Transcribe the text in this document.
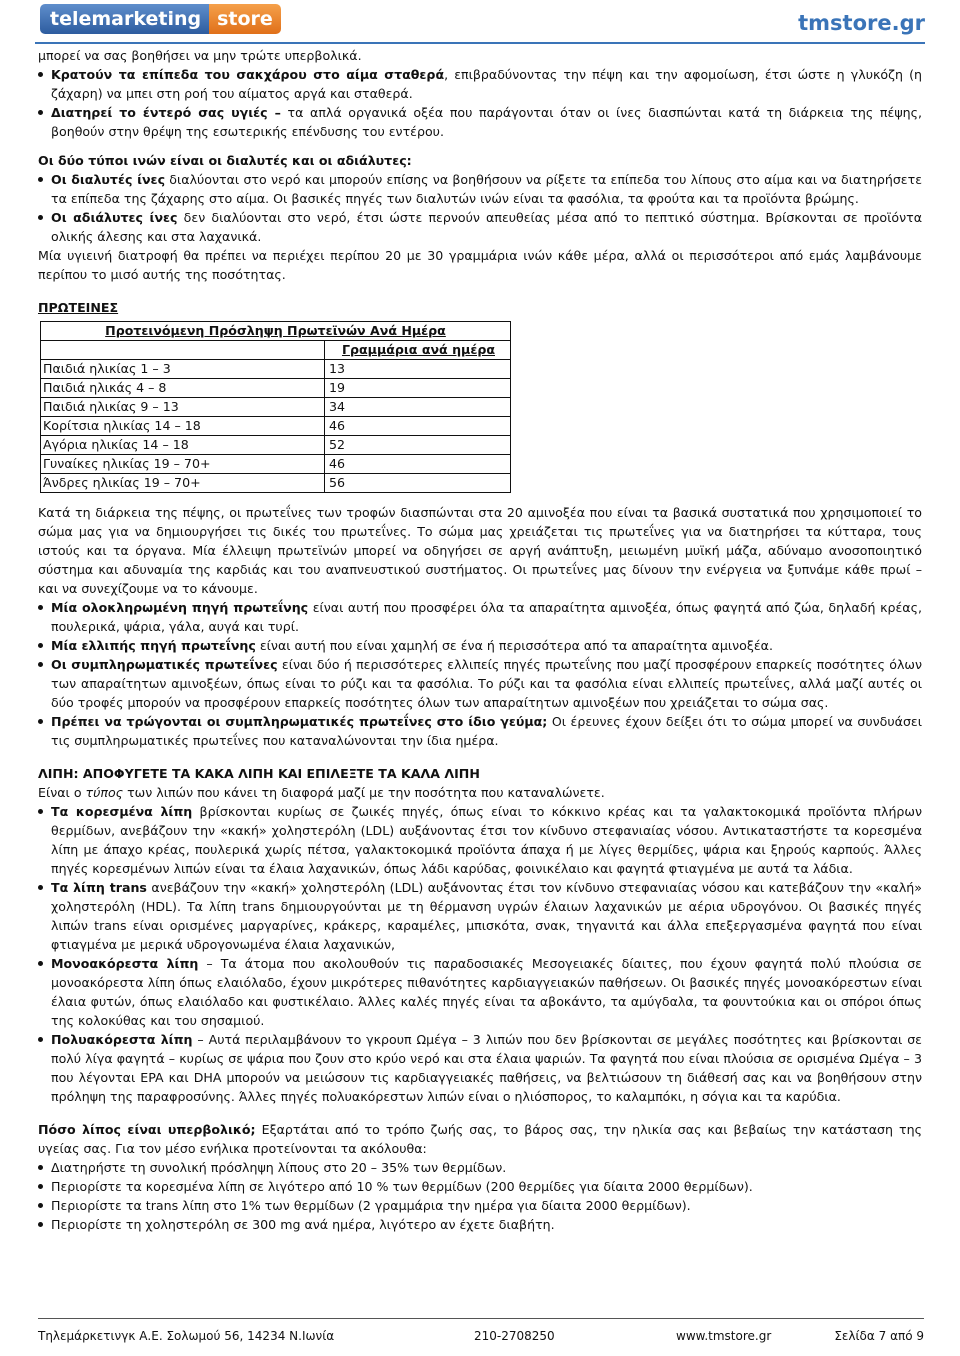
telemarketing store	tmstore.gr

μπορεί να σας βοηθήσει να μην τρώτε υπερβολικά.

Κρατούν τα επίπεδα του σακχάρου στο αίμα σταθερά, επιβραδύνοντας την πέψη και την αφομοίωση, έτσι ώστε η γλυκόζη (η ζάχαρη) να μπει στη ροή του αίματος αργά και σταθερά.
Διατηρεί το έντερό σας υγιές – τα απλά οργανικά οξέα που παράγονται όταν οι ίνες διασπώνται κατά τη διάρκεια της πέψης, βοηθούν στην θρέψη της εσωτερικής επένδυσης του εντέρου.

Οι δύο τύποι ινών είναι οι διαλυτές και οι αδιάλυτες:

Οι διαλυτές ίνες διαλύονται στο νερό και μπορούν επίσης να βοηθήσουν να ρίξετε τα επίπεδα του λίπους στο αίμα και να διατηρήσετε τα επίπεδα της ζάχαρης στο αίμα. Οι βασικές πηγές των διαλυτών ινών είναι τα φασόλια, τα φρούτα και τα προϊόντα βρώμης.
Οι αδιάλυτες ίνες δεν διαλύονται στο νερό, έτσι ώστε περνούν απευθείας μέσα από το πεπτικό σύστημα. Βρίσκονται σε προϊόντα ολικής άλεσης και στα λαχανικά.

Μία υγιεινή διατροφή θα πρέπει να περιέχει περίπου 20 με 30 γραμμάρια ινών κάθε μέρα, αλλά οι περισσότεροι από εμάς λαμβάνουμε περίπου το μισό αυτής της ποσότητας.

ΠΡΩΤΕΙΝΕΣ

Προτεινόμενη Πρόσληψη Πρωτεϊνών Ανά Ημέρα	
	Γραμμάρια ανά ημέρα
Παιδιά ηλικίας 1 – 3	13
Παιδιά ηλικάς 4 – 8	19
Παιδιά ηλικίας 9 – 13	34
Κορίτσια ηλικίας 14 – 18	46
Αγόρια ηλικίας 14 – 18	52
Γυναίκες ηλικίας 19 – 70+	46
Άνδρες ηλικίας 19 – 70+	56

Κατά τη διάρκεια της πέψης, οι πρωτεΐνες των τροφών διασπώνται στα 20 αμινοξέα που είναι τα βασικά συστατικά που χρησιμοποιεί το σώμα μας για να δημιουργήσει τις δικές του πρωτεΐνες. Το σώμα μας χρειάζεται τις πρωτεΐνες για να διατηρήσει τα κύτταρα, τους ιστούς και τα όργανα. Μία έλλειψη πρωτεϊνών μπορεί να οδηγήσει σε αργή ανάπτυξη, μειωμένη μυϊκή μάζα, αδύναμο ανοσοποιητικό σύστημα και αδυναμία της καρδιάς και του αναπνευστικού συστήματος. Οι πρωτεΐνες μας δίνουν την ενέργεια να ξυπνάμε κάθε πρωί – και να συνεχίζουμε να το κάνουμε.

Μία ολοκληρωμένη πηγή πρωτεΐνης είναι αυτή που προσφέρει όλα τα απαραίτητα αμινοξέα, όπως φαγητά από ζώα, δηλαδή κρέας, πουλερικά, ψάρια, γάλα, αυγά και τυρί.
Μία ελλιπής πηγή πρωτεΐνης είναι αυτή που είναι χαμηλή σε ένα ή περισσότερα από τα απαραίτητα αμινοξέα.
Οι συμπληρωματικές πρωτεΐνες είναι δύο ή περισσότερες ελλιπείς πηγές πρωτεΐνης που μαζί προσφέρουν επαρκείς ποσότητες όλων των απαραίτητων αμινοξέων, όπως είναι το ρύζι και τα φασόλια. Το ρύζι και τα φασόλια είναι ελλιπείς πρωτεΐνες, αλλά μαζί αυτές οι δύο τροφές μπορούν να προσφέρουν επαρκείς ποσότητες όλων των απαραίτητων αμινοξέων που χρειάζεται το σώμα σας.
Πρέπει να τρώγονται οι συμπληρωματικές πρωτεΐνες στο ίδιο γεύμα; Οι έρευνες έχουν δείξει ότι το σώμα μπορεί να συνδυάσει τις συμπληρωματικές πρωτεΐνες που καταναλώνονται την ίδια ημέρα.

ΛΙΠΗ: ΑΠΟΦΥΓΕΤΕ ΤΑ ΚΑΚΑ ΛΙΠΗ ΚΑΙ ΕΠΙΛΕΞΤΕ ΤΑ ΚΑΛΑ ΛΙΠΗ

Είναι ο τύπος των λιπών που κάνει τη διαφορά μαζί με την ποσότητα που καταναλώνετε.

Τα κορεσμένα λίπη βρίσκονται κυρίως σε ζωικές πηγές, όπως είναι το κόκκινο κρέας και τα γαλακτοκομικά προϊόντα πλήρων θερμίδων, ανεβάζουν την «κακή» χοληστερόλη (LDL) αυξάνοντας έτσι τον κίνδυνο στεφανιαίας νόσου. Αντικαταστήστε τα κορεσμένα λίπη με άπαχο κρέας, πουλερικά χωρίς πέτσα, γαλακτοκομικά προϊόντα άπαχα ή με λίγες θερμίδες, ψάρια και ξηρούς καρπούς. Άλλες πηγές κορεσμένων λιπών είναι τα έλαια λαχανικών, όπως λάδι καρύδας, φοινικέλαιο και φαγητά φτιαγμένα με αυτά τα λάδια.
Τα λίπη trans ανεβάζουν την «κακή» χοληστερόλη (LDL) αυξάνοντας έτσι τον κίνδυνο στεφανιαίας νόσου και κατεβάζουν την «καλή» χοληστερόλη (HDL). Τα λίπη trans δημιουργούνται με τη θέρμανση υγρών έλαιων λαχανικών με αέρια υδρογόνου. Οι βασικές πηγές λιπών trans είναι ορισμένες μαργαρίνες, κράκερς, καραμέλες, μπισκότα, σνακ, τηγανιτά και άλλα επεξεργασμένα φαγητά που είναι φτιαγμένα με μερικά υδρογονωμένα έλαια λαχανικών,
Μονοακόρεστα λίπη – Τα άτομα που ακολουθούν τις παραδοσιακές Μεσογειακές δίαιτες, που έχουν φαγητά πολύ πλούσια σε μονοακόρεστα λίπη όπως ελαιόλαδο, έχουν μικρότερες πιθανότητες καρδιαγγειακών παθήσεων. Οι βασικές πηγές μονοακόρεστων είναι έλαια φυτών, όπως ελαιόλαδο και φυστικέλαιο. Άλλες καλές πηγές είναι τα αβοκάντο, τα αμύγδαλα, τα φουντούκια και οι σπόροι όπως της κολοκύθας και του σησαμιού.
Πολυακόρεστα λίπη – Αυτά περιλαμβάνουν το γκρουπ Ωμέγα – 3 λιπών που δεν βρίσκονται σε μεγάλες ποσότητες και βρίσκονται σε πολύ λίγα φαγητά – κυρίως σε ψάρια που ζουν στο κρύο νερό και στα έλαια ψαριών. Τα φαγητά που είναι πλούσια σε ορισμένα Ωμέγα – 3 που λέγονται EPA και DHA μπορούν να μειώσουν τις καρδιαγγειακές παθήσεις, να βελτιώσουν τη διάθεσή σας και να βοηθήσουν στην πρόληψη της παραφροσύνης. Άλλες πηγές πολυακόρεστων λιπών είναι ο ηλιόσπορος, το καλαμπόκι, η σόγια και τα καρύδια.

Πόσο λίπος είναι υπερβολικό; Εξαρτάται από το τρόπο ζωής σας, το βάρος σας, την ηλικία σας και βεβαίως την κατάσταση της υγείας σας. Για τον μέσο ενήλικα προτείνονται τα ακόλουθα:

Διατηρήστε τη συνολική πρόσληψη λίπους στο 20 – 35% των θερμίδων.
Περιορίστε τα κορεσμένα λίπη σε λιγότερο από 10 % των θερμίδων (200 θερμίδες για δίαιτα 2000 θερμίδων).
Περιορίστε τα trans λίπη στο 1% των θερμίδων (2 γραμμάρια την ημέρα για δίαιτα 2000 θερμίδων).
Περιορίστε τη χοληστερόλη σε 300 mg ανά ημέρα, λιγότερο αν έχετε διαβήτη.
Τηλεμάρκετινγκ Α.Ε. Σολωμού 56, 14234 Ν.Ιωνία	210-2708250	www.tmstore.gr	Σελίδα 7 από 9
